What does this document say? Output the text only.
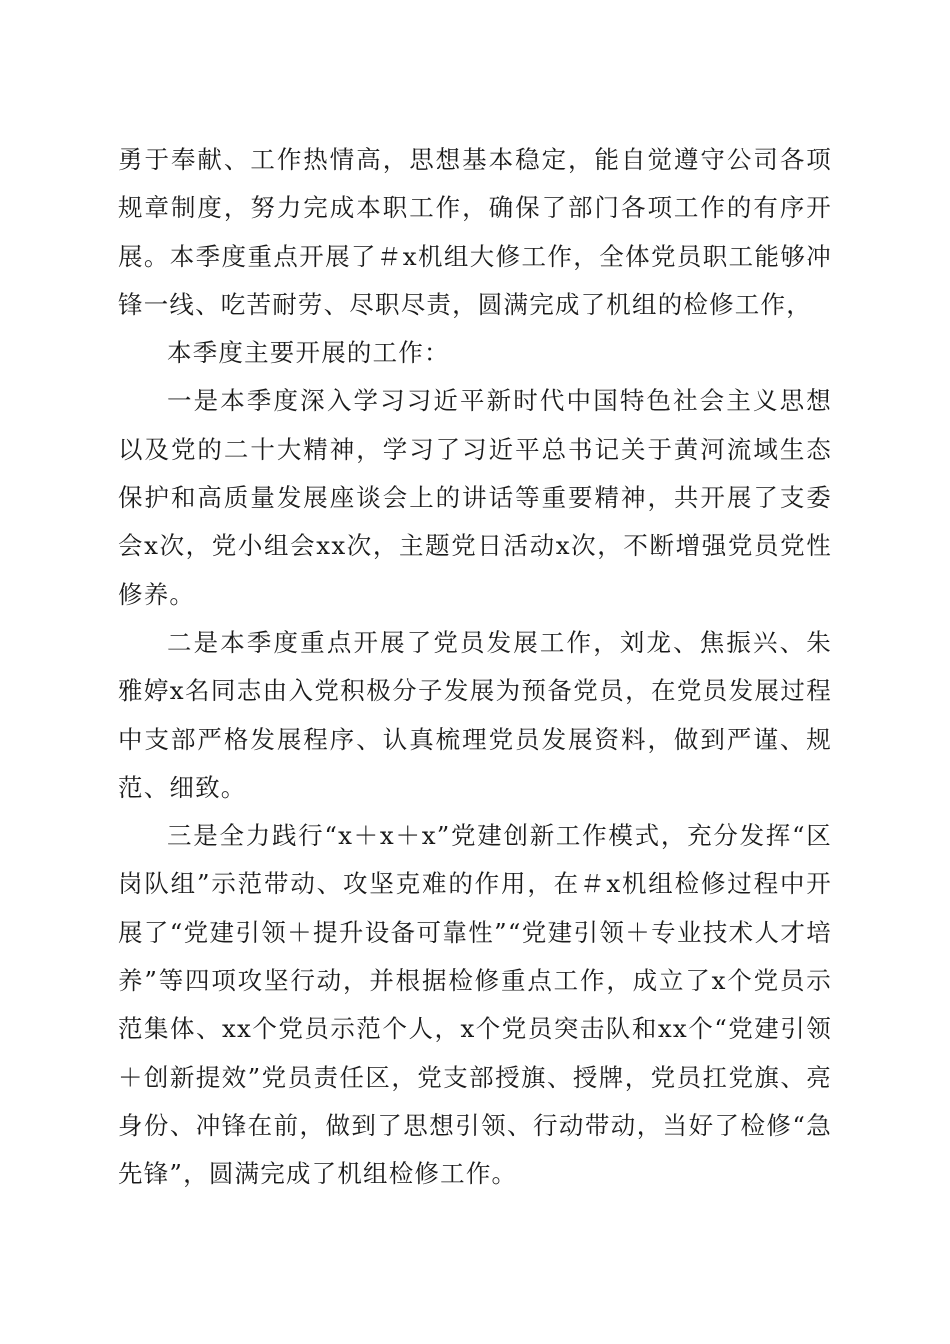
勇于奉献、工作热情高，思想基本稳定，能自觉遵守公司各项规章制度，努力完成本职工作，确保了部门各项工作的有序开展。本季度重点开展了＃x机组大修工作，全体党员职工能够冲锋一线、吃苦耐劳、尽职尽责，圆满完成了机组的检修工作，

本季度主要开展的工作：

一是本季度深入学习习近平新时代中国特色社会主义思想以及党的二十大精神，学习了习近平总书记关于黄河流域生态保护和高质量发展座谈会上的讲话等重要精神，共开展了支委会x次，党小组会xx次，主题党日活动x次，不断增强党员党性修养。

二是本季度重点开展了党员发展工作，刘龙、焦振兴、朱雅婷x名同志由入党积极分子发展为预备党员，在党员发展过程中支部严格发展程序、认真梳理党员发展资料，做到严谨、规范、细致。

三是全力践行“x＋x＋x”党建创新工作模式，充分发挥“区岗队组”示范带动、攻坚克难的作用，在＃x机组检修过程中开展了“党建引领＋提升设备可靠性”“党建引领＋专业技术人才培养”等四项攻坚行动，并根据检修重点工作，成立了x个党员示范集体、xx个党员示范个人，x个党员突击队和xx个“党建引领＋创新提效”党员责任区，党支部授旗、授牌，党员扛党旗、亮身份、冲锋在前，做到了思想引领、行动带动，当好了检修“急先锋”，圆满完成了机组检修工作。
